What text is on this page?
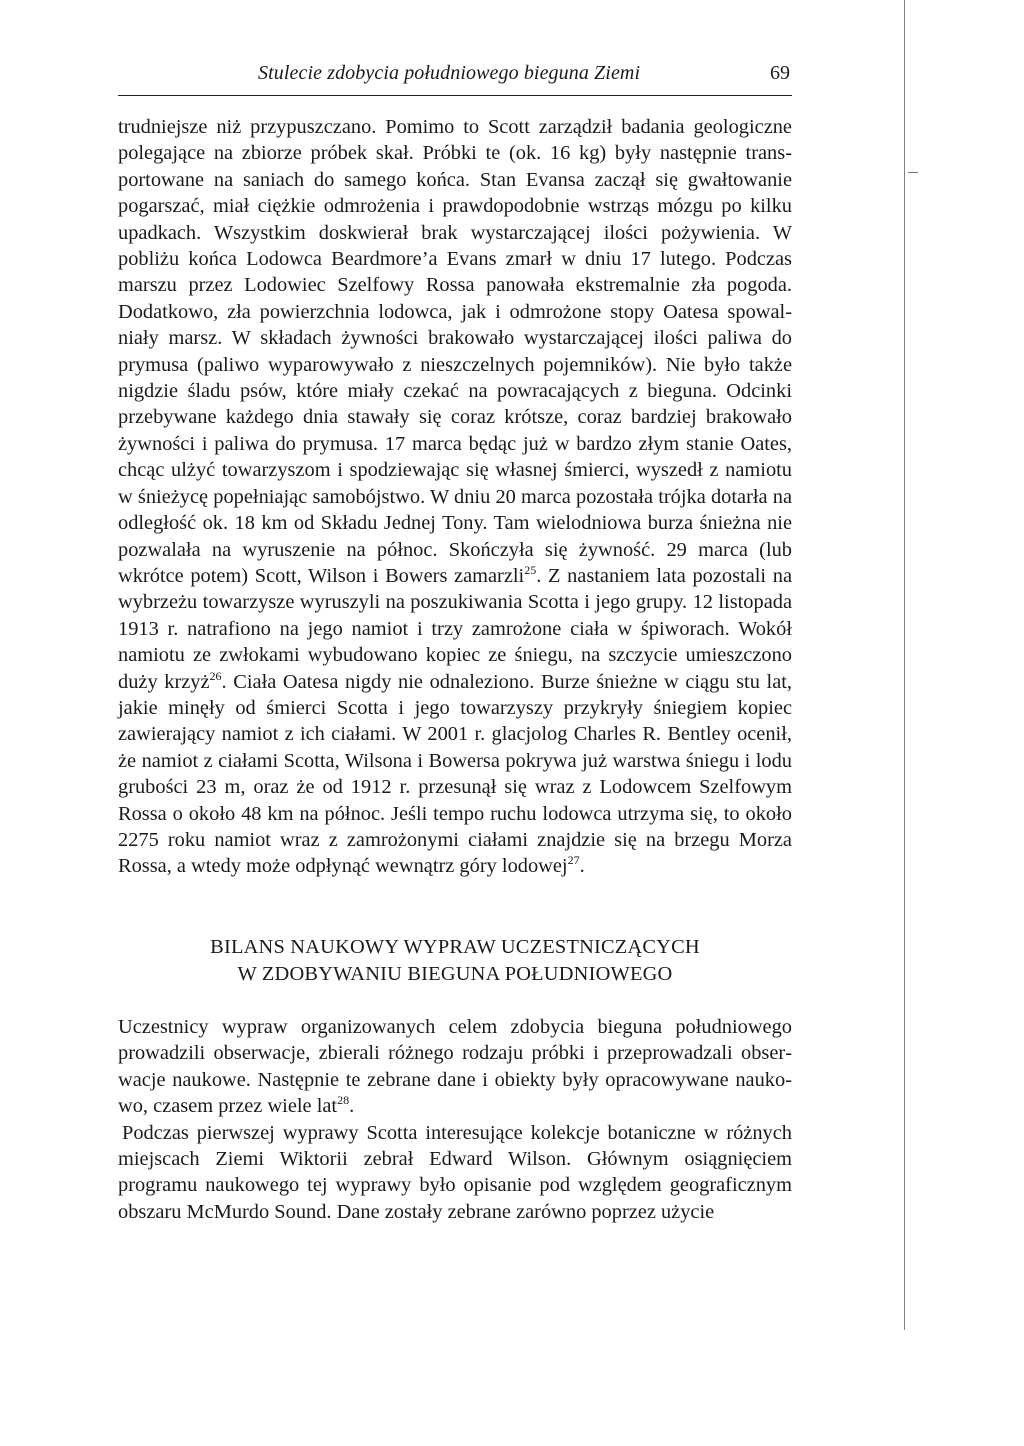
Stulecie zdobycia południowego bieguna Ziemi	69

trudniejsze niż przypuszczano. Pomimo to Scott zarządził badania geologiczne polegające na zbiorze próbek skał. Próbki te (ok. 16 kg) były następnie transportowane na saniach do samego końca. Stan Evansa zaczął się gwałtowanie pogarszać, miał ciężkie odmrożenia i prawdopodobnie wstrząs mózgu po kilku upadkach. Wszystkim doskwierał brak wystarczającej ilości pożywienia. W pobliżu końca Lodowca Beardmore’a Evans zmarł w dniu 17 lutego. Podczas marszu przez Lodowiec Szelfowy Rossa panowała ekstremalnie zła pogoda. Dodatkowo, zła powierzchnia lodowca, jak i odmrożone stopy Oatesa spowalniały marsz. W składach żywności brakowało wystarczającej ilości paliwa do prymusa (paliwo wyparowywało z nieszczelnych pojemników). Nie było także nigdzie śladu psów, które miały czekać na powracających z bieguna. Odcinki przebywane każdego dnia stawały się coraz krótsze, coraz bardziej brakowało żywności i paliwa do prymusa. 17 marca będąc już w bardzo złym stanie Oates, chcąc ulżyć towarzyszom i spodziewając się własnej śmierci, wyszedł z namiotu w śnieżycę popełniając samobójstwo. W dniu 20 marca pozostała trójka dotarła na odległość ok. 18 km od Składu Jednej Tony. Tam wielodniowa burza śnieżna nie pozwalała na wyruszenie na północ. Skończyła się żywność. 29 marca (lub wkrótce potem) Scott, Wilson i Bowers zamarzli$^{25}$. Z nastaniem lata pozostali na wybrzeżu towarzysze wyruszyli na poszukiwania Scotta i jego grupy. 12 listopada 1913 r. natrafiono na jego namiot i trzy zamrożone ciała w śpiworach. Wokół namiotu ze zwłokami wybudowano kopiec ze śniegu, na szczycie umieszczono duży krzyż$^{26}$. Ciała Oatesa nigdy nie odnaleziono. Burze śnieżne w ciągu stu lat, jakie minęły od śmierci Scotta i jego towarzyszy przykryły śniegiem kopiec zawierający namiot z ich ciałami. W 2001 r. glacjolog Charles R. Bentley ocenił, że namiot z ciałami Scotta, Wilsona i Bowersa pokrywa już warstwa śniegu i lodu grubości 23 m, oraz że od 1912 r. przesunął się wraz z Lodowcem Szelfowym Rossa o około 48 km na północ. Jeśli tempo ruchu lodowca utrzyma się, to około 2275 roku namiot wraz z zamrożonymi ciałami znajdzie się na brzegu Morza Rossa, a wtedy może odpłynąć wewnątrz góry lodowej$^{27}$.

BILANS NAUKOWY WYPRAW UCZESTNICZĄCYCH
W ZDOBYWANIU BIEGUNA POŁUDNIOWEGO

Uczestnicy wypraw organizowanych celem zdobycia bieguna południowego prowadzili obserwacje, zbierali różnego rodzaju próbki i przeprowadzali obserwacje naukowe. Następnie te zebrane dane i obiekty były opracowywane naukowo, czasem przez wiele lat$^{28}$.

Podczas pierwszej wyprawy Scotta interesujące kolekcje botaniczne w różnych miejscach Ziemi Wiktorii zebrał Edward Wilson. Głównym osiągnięciem programu naukowego tej wyprawy było opisanie pod względem geograficznym obszaru McMurdo Sound. Dane zostały zebrane zarówno poprzez użycie
